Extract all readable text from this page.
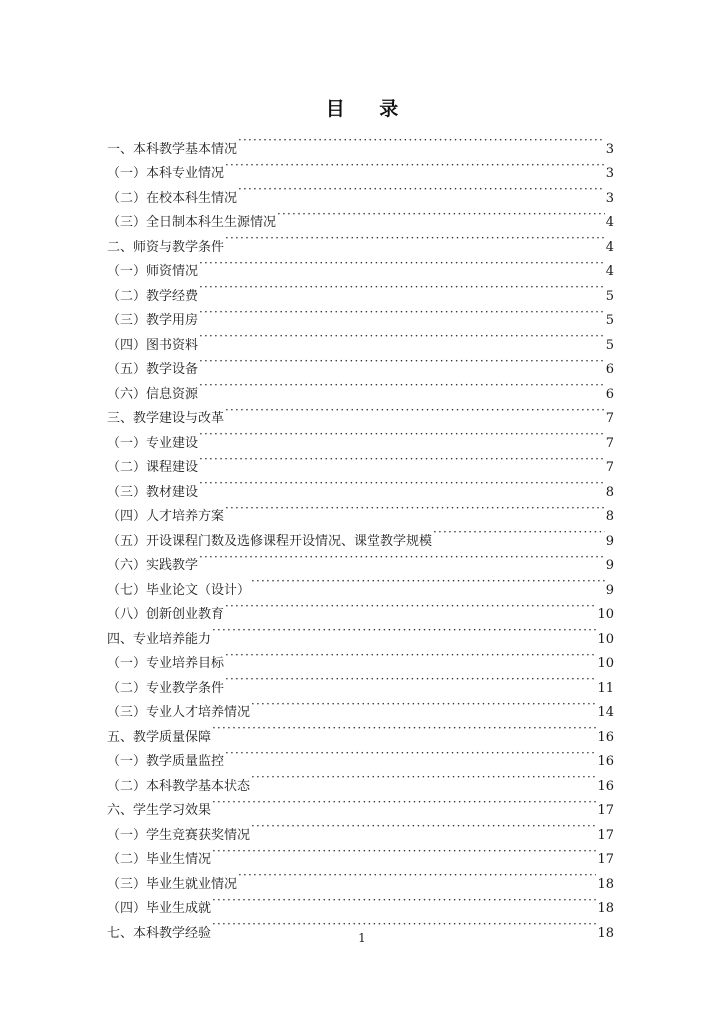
目 录
一、本科教学基本情况 ·····	3
（一）本科专业情况 ·····	3
（二）在校本科生情况 ·····	3
（三）全日制本科生生源情况 ·····	4
二、师资与教学条件 ·····	4
（一）师资情况 ·····	4
（二）教学经费 ·····	5
（三）教学用房 ·····	5
（四）图书资料 ·····	5
（五）教学设备 ·····	6
（六）信息资源 ·····	6
三、教学建设与改革 ·····	7
（一）专业建设 ·····	7
（二）课程建设 ·····	7
（三）教材建设 ·····	8
（四）人才培养方案 ·····	8
（五）开设课程门数及选修课程开设情况、课堂教学规模 ·····	9
（六）实践教学 ·····	9
（七）毕业论文（设计） ·····	9
（八）创新创业教育 ·····	10
四、专业培养能力 ·····	10
（一）专业培养目标 ·····	10
（二）专业教学条件 ·····	11
（三）专业人才培养情况 ·····	14
五、教学质量保障 ·····	16
（一）教学质量监控 ·····	16
（二）本科教学基本状态 ·····	16
六、学生学习效果 ·····	17
（一）学生竞赛获奖情况 ·····	17
（二）毕业生情况 ·····	17
（三）毕业生就业情况 ·····	18
（四）毕业生成就 ·····	18
七、本科教学经验 ·····	18
1
